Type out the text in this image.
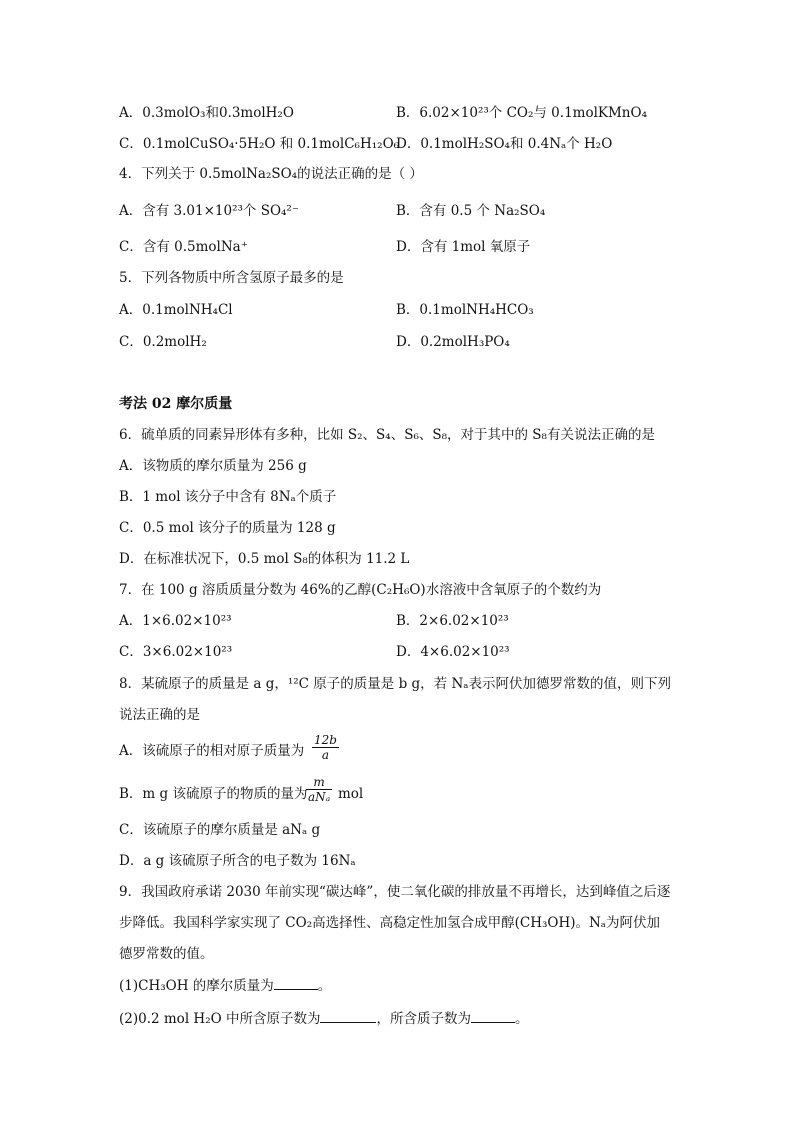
A．0.3molO₃和0.3molH₂O	B．6.02×10²³个 CO₂与 0.1molKMnO₄
C．0.1molCuSO₄·5H₂O 和 0.1molC₆H₁₂O₆
D．0.1molH₂SO₄和 0.4Nₐ个 H₂O
4．下列关于 0.5molNa₂SO₄的说法正确的是（ ）
A．含有 3.01×10²³个 SO₄²⁻	B．含有 0.5 个 Na₂SO₄
C．含有 0.5molNa⁺	D．含有 1mol 氧原子
5．下列各物质中所含氢原子最多的是
A．0.1molNH₄Cl	B．0.1molNH₄HCO₃
C．0.2molH₂	D．0.2molH₃PO₄
考法 02 摩尔质量
6．硫单质的同素异形体有多种，比如 S₂、S₄、S₆、S₈，对于其中的 S₈有关说法正确的是
A．该物质的摩尔质量为 256 g
B．1 mol 该分子中含有 8Nₐ个质子
C．0.5 mol 该分子的质量为 128 g
D．在标准状况下，0.5 mol S₈的体积为 11.2 L
7．在 100 g 溶质质量分数为 46%的乙醇(C₂H₆O)水溶液中含氧原子的个数约为
A．1×6.02×10²³	B．2×6.02×10²³
C．3×6.02×10²³	D．4×6.02×10²³
8．某硫原子的质量是 a g，¹²C 原子的质量是 b g，若 Nₐ表示阿伏加德罗常数的值，则下列
说法正确的是
A．该硫原子的相对原子质量为 $\frac{12b}{a}$
B．m g 该硫原子的物质的量为
m
aNₐ mol
C．该硫原子的摩尔质量是 aNₐ g
D．a g 该硫原子所含的电子数为 16Nₐ
9．我国政府承诺 2030 年前实现“碳达峰”，使二氧化碳的排放量不再增长，达到峰值之后逐
步降低。我国科学家实现了 CO₂高选择性、高稳定性加氢合成甲醇(CH₃OH)。Nₐ为阿伏加
德罗常数的值。
(1)CH₃OH 的摩尔质量为	。
(2)0.2 mol H₂O 中所含原子数为	，所含质子数为	。
